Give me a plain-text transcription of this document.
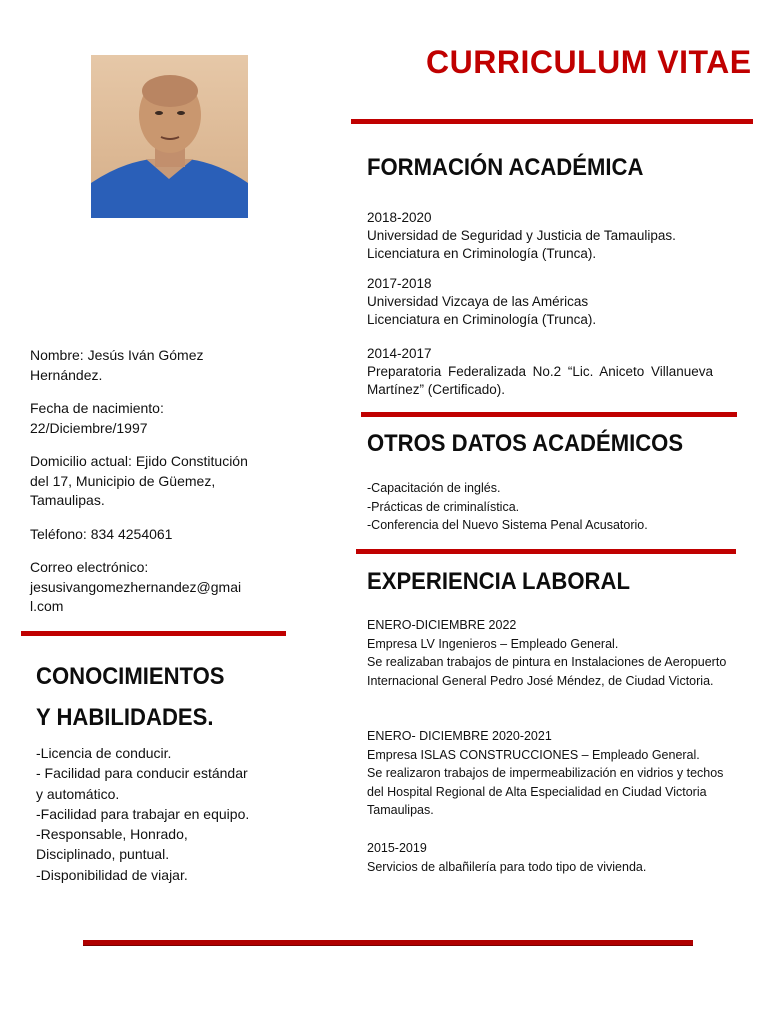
CURRICULUM VITAE
FORMACIÓN ACADÉMICA
2018-2020
Universidad de Seguridad y Justicia de Tamaulipas.
Licenciatura en Criminología (Trunca).
2017-2018
Universidad Vizcaya de las Américas
Licenciatura en Criminología (Trunca).
2014-2017
Preparatoria Federalizada No.2 “Lic. Aniceto Villanueva Martínez” (Certificado).
OTROS DATOS ACADÉMICOS
-Capacitación de inglés.
-Prácticas de criminalística.
-Conferencia del Nuevo Sistema Penal Acusatorio.
EXPERIENCIA LABORAL
ENERO-DICIEMBRE 2022
Empresa LV Ingenieros – Empleado General.
Se realizaban trabajos de pintura en Instalaciones de Aeropuerto Internacional General Pedro José Méndez, de Ciudad Victoria.
ENERO- DICIEMBRE 2020-2021
Empresa ISLAS CONSTRUCCIONES – Empleado General.
Se realizaron trabajos de impermeabilización en vidrios y techos del Hospital Regional de Alta Especialidad en Ciudad Victoria Tamaulipas.
2015-2019
Servicios de albañilería para todo tipo de vivienda.

Nombre: Jesús Iván Gómez Hernández.

Fecha de nacimiento:
22/Diciembre/1997

Domicilio actual: Ejido Constitución del 17, Municipio de Güemez, Tamaulipas.

Teléfono: 834 4254061

Correo electrónico:
jesusivangomezhernandez@gmai
l.com

CONOCIMIENTOS
Y HABILIDADES.
-Licencia de conducir.
- Facilidad para conducir estándar y automático.
-Facilidad para trabajar en equipo.
-Responsable, Honrado, Disciplinado, puntual.
-Disponibilidad de viajar.
